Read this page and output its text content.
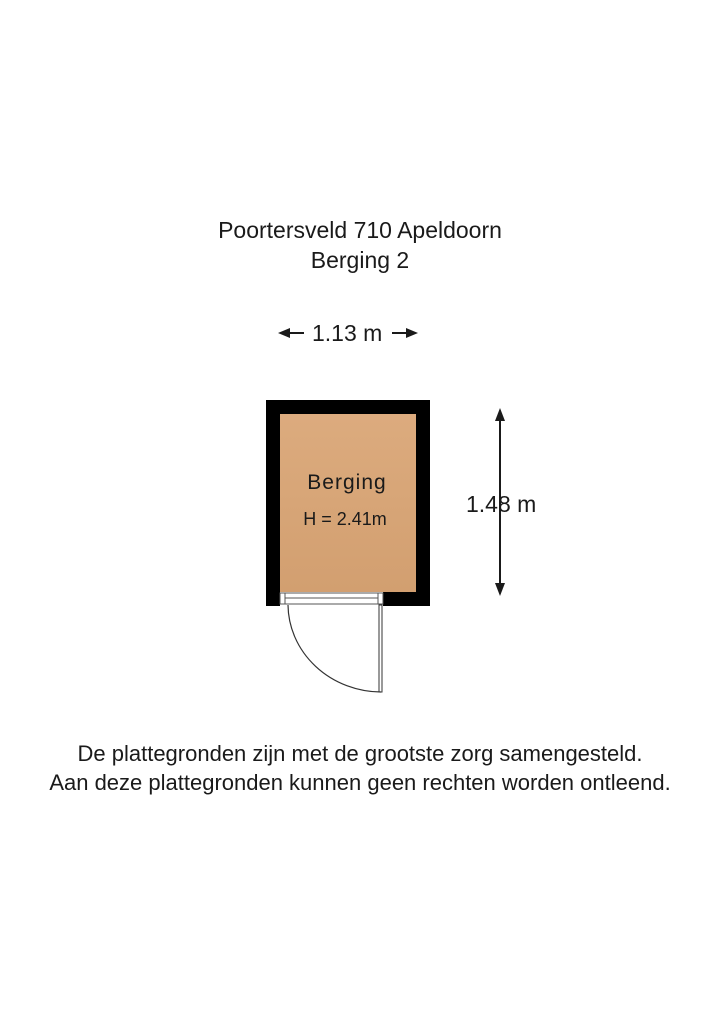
Poortersveld 710 Apeldoorn
Berging 2
Berging
H = 2.41m
1.13 m
1.48 m
De plattegronden zijn met de grootste zorg samengesteld.
Aan deze plattegronden kunnen geen rechten worden ontleend.
